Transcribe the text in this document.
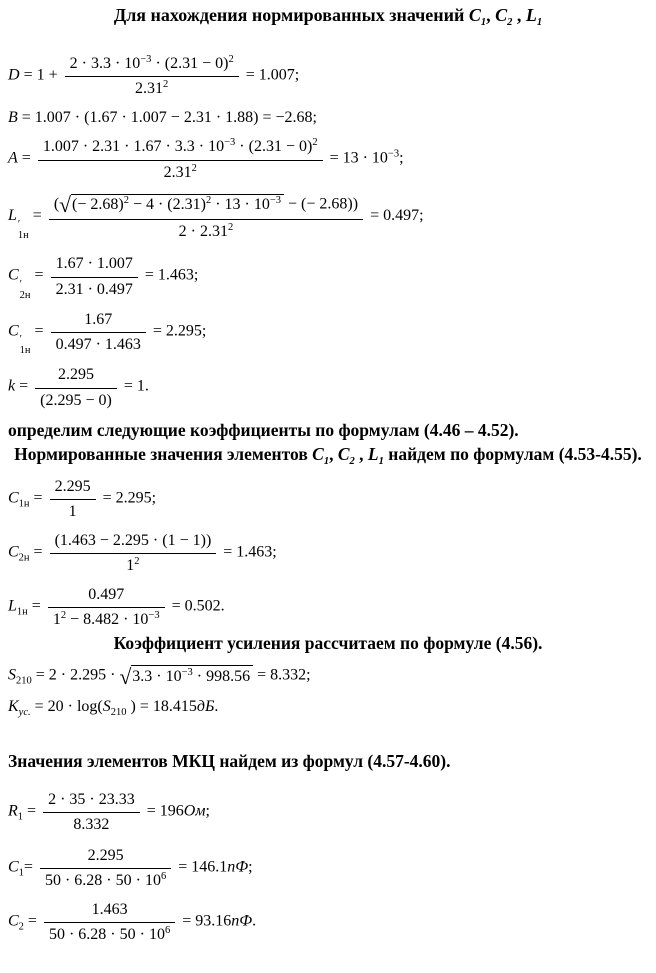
Для нахождения нормированных значений $C_1$, $C_2$ , $L_1$
$D = 1 + \frac{2 \cdot 3.3 \cdot 10^{-3} \cdot (2.31 - 0)^2}{2.31^2} = 1.007$;
B = 1.007 · (1.67 · 1.007 − 2.31 · 1.88) = −2.68;
$A = \frac{1.007 \cdot 2.31 \cdot 1.67 \cdot 3.3 \cdot 10^{-3} \cdot (2.31 - 0)^2}{2.31^2} = 13 \cdot 10^{-3}$;
L
′
1н
= $\frac{( √ (- 2.68)^2 - 4 \cdot (2.31)^2 \cdot 13 \cdot 10^{-3} - (- 2.68))}{2 \cdot 2.31^2} = 0.497$;
C
′
2н
= $\frac{1.67 \cdot 1.007}{2.31 \cdot 0.497} = 1.463$;
C
′
1н
= $\frac{1.67}{0.497 \cdot 1.463} = 2.295$;
$k = \frac{2.295}{(2.295 - 0)} = 1$.
определим следующие коэффициенты по формулам (4.46 – 4.52).
Нормированные значения элементов $C_1$, $C_2$ , $L_1$ найдем по формулам (4.53-4.55).
$C_{1н} = \frac{2.295}{1} = 2.295$;
$C_{2н} = \frac{(1.463 - 2.295 \cdot (1 - 1))}{1^2} = 1.463$;
$L_{1н} = \frac{0.497}{1^2 - 8.482 \cdot 10^{-3}} = 0.502$.
Коэффициент усиления рассчитаем по формуле (4.56).
$S_{210} = 2 \cdot 2.295$ · √ $3.3 \cdot 10^{-3} \cdot 998.56 = 8.332$;
$K_{ус.} = 20 \cdot \log(S_{210}$ ) = 18.415дБ.
Значения элементов МКЦ найдем из формул (4.57-4.60).
$R_1 = \frac{2 \cdot 35 \cdot 23.33}{8.332} = 196Ом$;
$C_1= \frac{2.295}{50 \cdot 6.28 \cdot 50 \cdot 10^6} = 146.1пФ$;
$C_2 = \frac{1.463}{50 \cdot 6.28 \cdot 50 \cdot 10^6} = 93.16пФ$.
